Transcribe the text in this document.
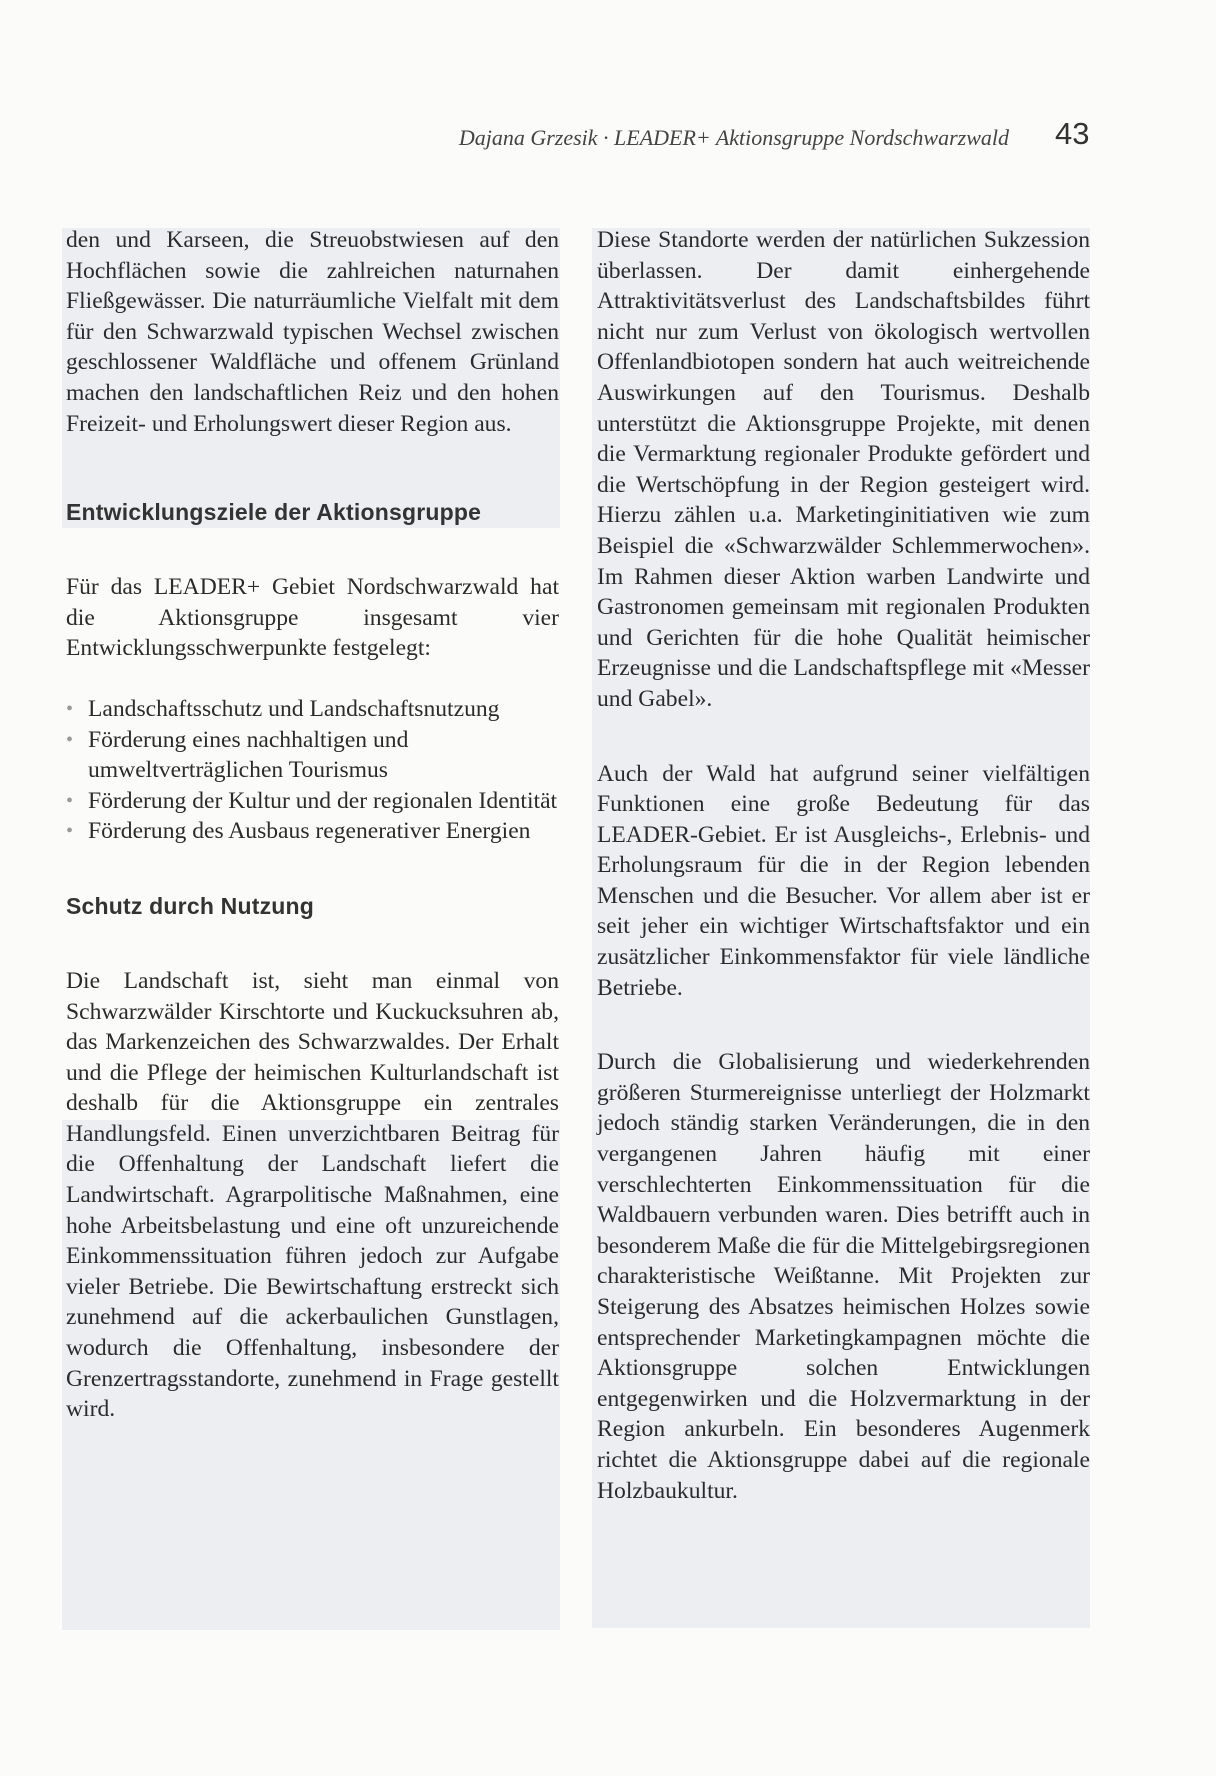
Dajana Grzesik · LEADER+ Aktionsgruppe Nordschwarzwald 43

den und Karseen, die Streuobstwiesen auf den Hochflächen sowie die zahlreichen naturnahen Fließgewässer. Die naturräumliche Vielfalt mit dem für den Schwarzwald typischen Wechsel zwischen geschlossener Waldfläche und offenem Grünland machen den landschaftlichen Reiz und den hohen Freizeit- und Erholungswert dieser Region aus.

Entwicklungsziele der Aktionsgruppe

Für das LEADER+ Gebiet Nordschwarzwald hat die Aktionsgruppe insgesamt vier Entwicklungsschwerpunkte festgelegt:

• Landschaftsschutz und Landschaftsnutzung
• Förderung eines nachhaltigen und umweltverträglichen Tourismus
• Förderung der Kultur und der regionalen Identität
• Förderung des Ausbaus regenerativer Energien
Schutz durch Nutzung

Die Landschaft ist, sieht man einmal von Schwarzwälder Kirschtorte und Kuckucksuhren ab, das Markenzeichen des Schwarzwaldes. Der Erhalt und die Pflege der heimischen Kulturlandschaft ist deshalb für die Aktionsgruppe ein zentrales Handlungsfeld. Einen unverzichtbaren Beitrag für die Offenhaltung der Landschaft liefert die Landwirtschaft. Agrarpolitische Maßnahmen, eine hohe Arbeitsbelastung und eine oft unzureichende Einkommenssituation führen jedoch zur Aufgabe vieler Betriebe. Die Bewirtschaftung erstreckt sich zunehmend auf die ackerbaulichen Gunstlagen, wodurch die Offenhaltung, insbesondere der Grenzertragsstandorte, zunehmend in Frage gestellt wird.

Diese Standorte werden der natürlichen Sukzession überlassen. Der damit einhergehende Attraktivitätsverlust des Landschaftsbildes führt nicht nur zum Verlust von ökologisch wertvollen Offenlandbiotopen sondern hat auch weitreichende Auswirkungen auf den Tourismus. Deshalb unterstützt die Aktionsgruppe Projekte, mit denen die Vermarktung regionaler Produkte gefördert und die Wertschöpfung in der Region gesteigert wird. Hierzu zählen u.a. Marketinginitiativen wie zum Beispiel die «Schwarzwälder Schlemmerwochen». Im Rahmen dieser Aktion warben Landwirte und Gastronomen gemeinsam mit regionalen Produkten und Gerichten für die hohe Qualität heimischer Erzeugnisse und die Landschaftspflege mit «Messer und Gabel».

Auch der Wald hat aufgrund seiner vielfältigen Funktionen eine große Bedeutung für das LEADER-Gebiet. Er ist Ausgleichs-, Erlebnis- und Erholungsraum für die in der Region lebenden Menschen und die Besucher. Vor allem aber ist er seit jeher ein wichtiger Wirtschaftsfaktor und ein zusätzlicher Einkommensfaktor für viele ländliche Betriebe.

Durch die Globalisierung und wiederkehrenden größeren Sturmereignisse unterliegt der Holzmarkt jedoch ständig starken Veränderungen, die in den vergangenen Jahren häufig mit einer verschlechterten Einkommenssituation für die Waldbauern verbunden waren. Dies betrifft auch in besonderem Maße die für die Mittelgebirgsregionen charakteristische Weißtanne. Mit Projekten zur Steigerung des Absatzes heimischen Holzes sowie entsprechender Marketingkampagnen möchte die Aktionsgruppe solchen Entwicklungen entgegenwirken und die Holzvermarktung in der Region ankurbeln. Ein besonderes Augenmerk richtet die Aktionsgruppe dabei auf die regionale Holzbaukultur.
